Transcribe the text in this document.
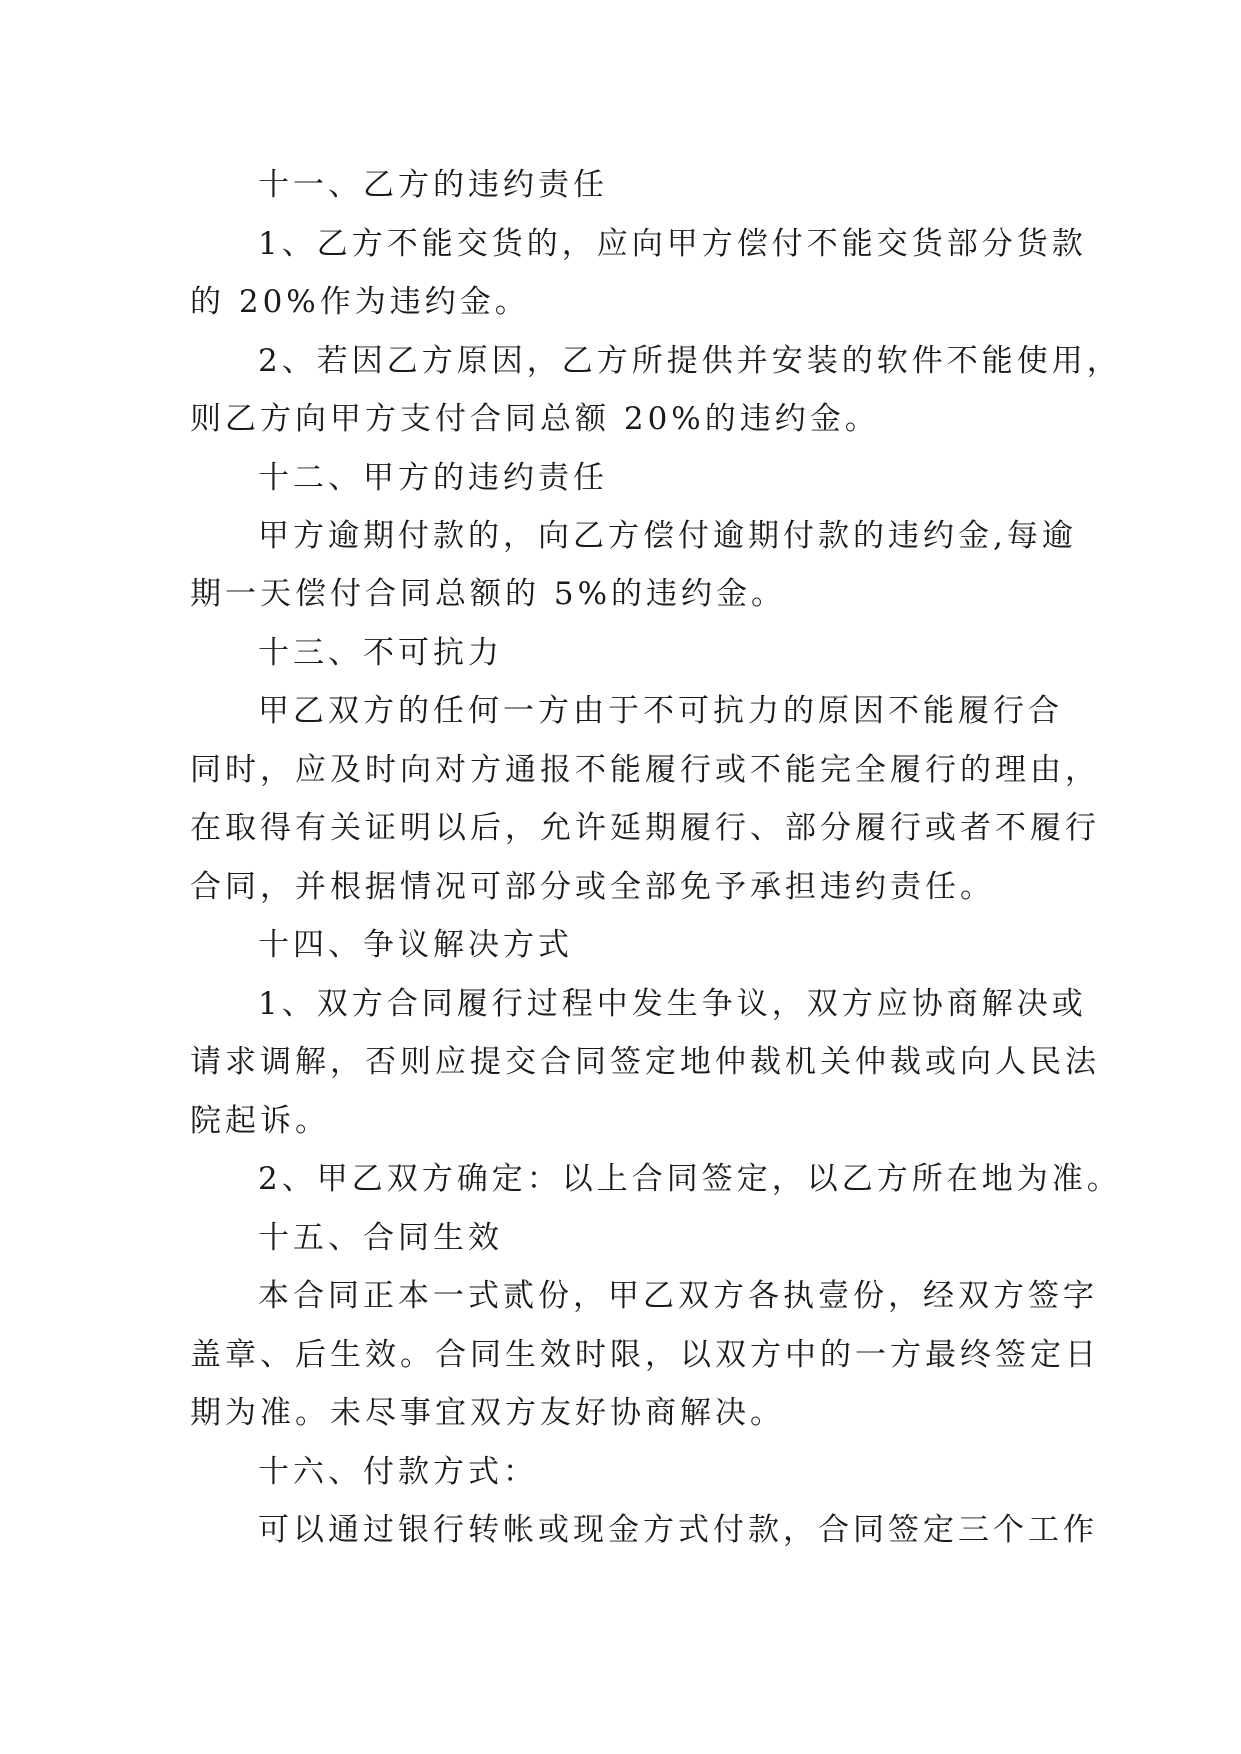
十一、乙方的违约责任
1、乙方不能交货的，应向甲方偿付不能交货部分货款
的 20%作为违约金。
2、若因乙方原因，乙方所提供并安装的软件不能使用，
则乙方向甲方支付合同总额 20%的违约金。
十二、甲方的违约责任
甲方逾期付款的，向乙方偿付逾期付款的违约金,每逾
期一天偿付合同总额的 5%的违约金。
十三、不可抗力
甲乙双方的任何一方由于不可抗力的原因不能履行合
同时，应及时向对方通报不能履行或不能完全履行的理由，
在取得有关证明以后，允许延期履行、部分履行或者不履行
合同，并根据情况可部分或全部免予承担违约责任。
十四、争议解决方式
1、双方合同履行过程中发生争议，双方应协商解决或
请求调解，否则应提交合同签定地仲裁机关仲裁或向人民法
院起诉。
2、甲乙双方确定：以上合同签定，以乙方所在地为准。
十五、合同生效
本合同正本一式贰份，甲乙双方各执壹份，经双方签字
盖章、后生效。合同生效时限，以双方中的一方最终签定日
期为准。未尽事宜双方友好协商解决。
十六、付款方式：
可以通过银行转帐或现金方式付款，合同签定三个工作
